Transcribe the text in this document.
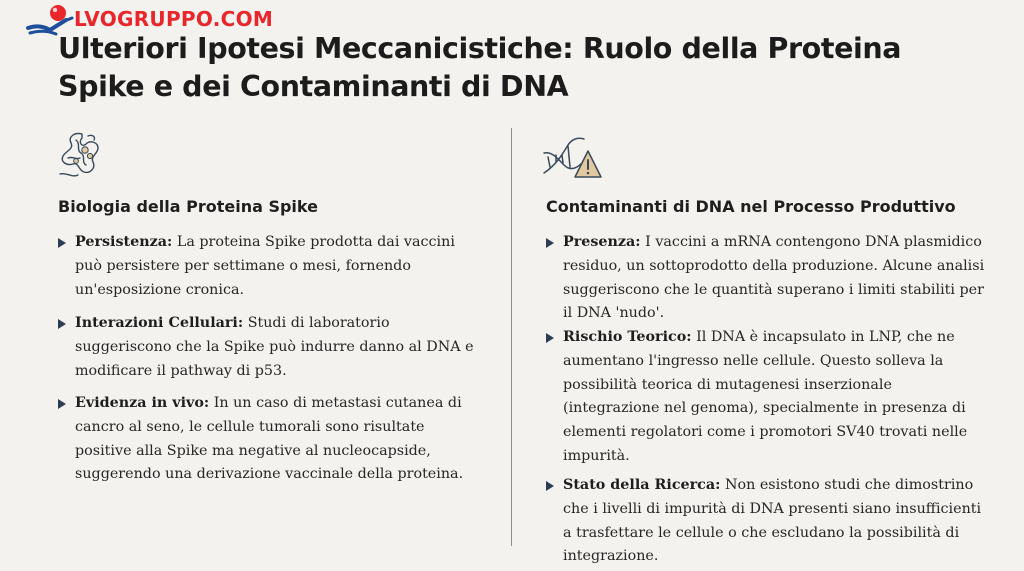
LVOGRUPPO.COM
Ulteriori Ipotesi Meccanicistiche: Ruolo della Proteina Spike e dei Contaminanti di DNA
Biologia della Proteina Spike
Persistenza: La proteina Spike prodotta dai vaccini può persistere per settimane o mesi, fornendo un'esposizione cronica.
Interazioni Cellulari: Studi di laboratorio suggeriscono che la Spike può indurre danno al DNA e modificare il pathway di p53.
Evidenza in vivo: In un caso di metastasi cutanea di cancro al seno, le cellule tumorali sono risultate positive alla Spike ma negative al nucleocapside, suggerendo una derivazione vaccinale della proteina.
Contaminanti di DNA nel Processo Produttivo
Presenza: I vaccini a mRNA contengono DNA plasmidico residuo, un sottoprodotto della produzione. Alcune analisi suggeriscono che le quantità superano i limiti stabiliti per il DNA 'nudo'.
Rischio Teorico: Il DNA è incapsulato in LNP, che ne aumentano l'ingresso nelle cellule. Questo solleva la possibilità teorica di mutagenesi inserzionale (integrazione nel genoma), specialmente in presenza di elementi regolatori come i promotori SV40 trovati nelle impurità.
Stato della Ricerca: Non esistono studi che dimostrino che i livelli di impurità di DNA presenti siano insufficienti a trasfettare le cellule o che escludano la possibilità di integrazione.
